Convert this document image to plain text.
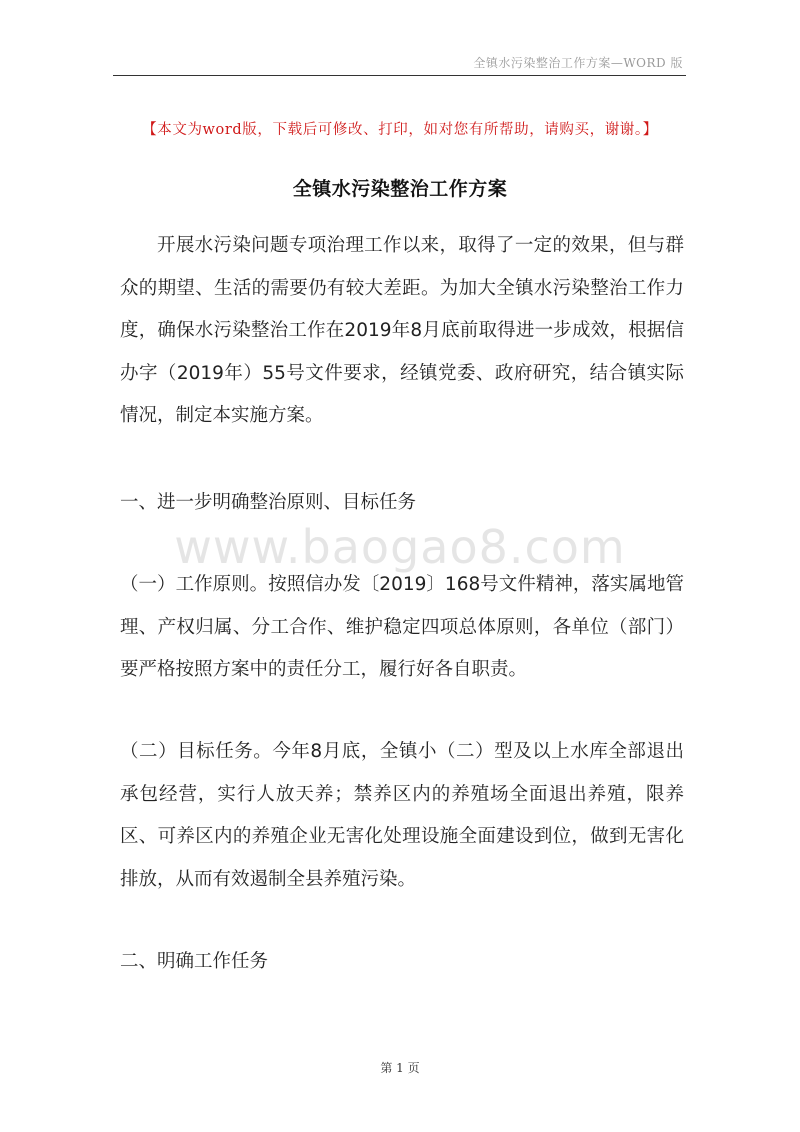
全镇水污染整治工作方案—WORD 版
【本文为word版，下载后可修改、打印，如对您有所帮助，请购买，谢谢。】
全镇水污染整治工作方案

开展水污染问题专项治理工作以来，取得了一定的效果，但与群众的期望、生活的需要仍有较大差距。为加大全镇水污染整治工作力度，确保水污染整治工作在2019年8月底前取得进一步成效，根据信办字（2019年）55号文件要求，经镇党委、政府研究，结合镇实际情况，制定本实施方案。

一、进一步明确整治原则、目标任务

www.baogao8.com

（一）工作原则。按照信办发〔2019〕168号文件精神，落实属地管理、产权归属、分工合作、维护稳定四项总体原则，各单位（部门）要严格按照方案中的责任分工，履行好各自职责。

（二）目标任务。今年8月底，全镇小（二）型及以上水库全部退出承包经营，实行人放天养；禁养区内的养殖场全面退出养殖，限养区、可养区内的养殖企业无害化处理设施全面建设到位，做到无害化排放，从而有效遏制全县养殖污染。

二、明确工作任务

第 1 页
